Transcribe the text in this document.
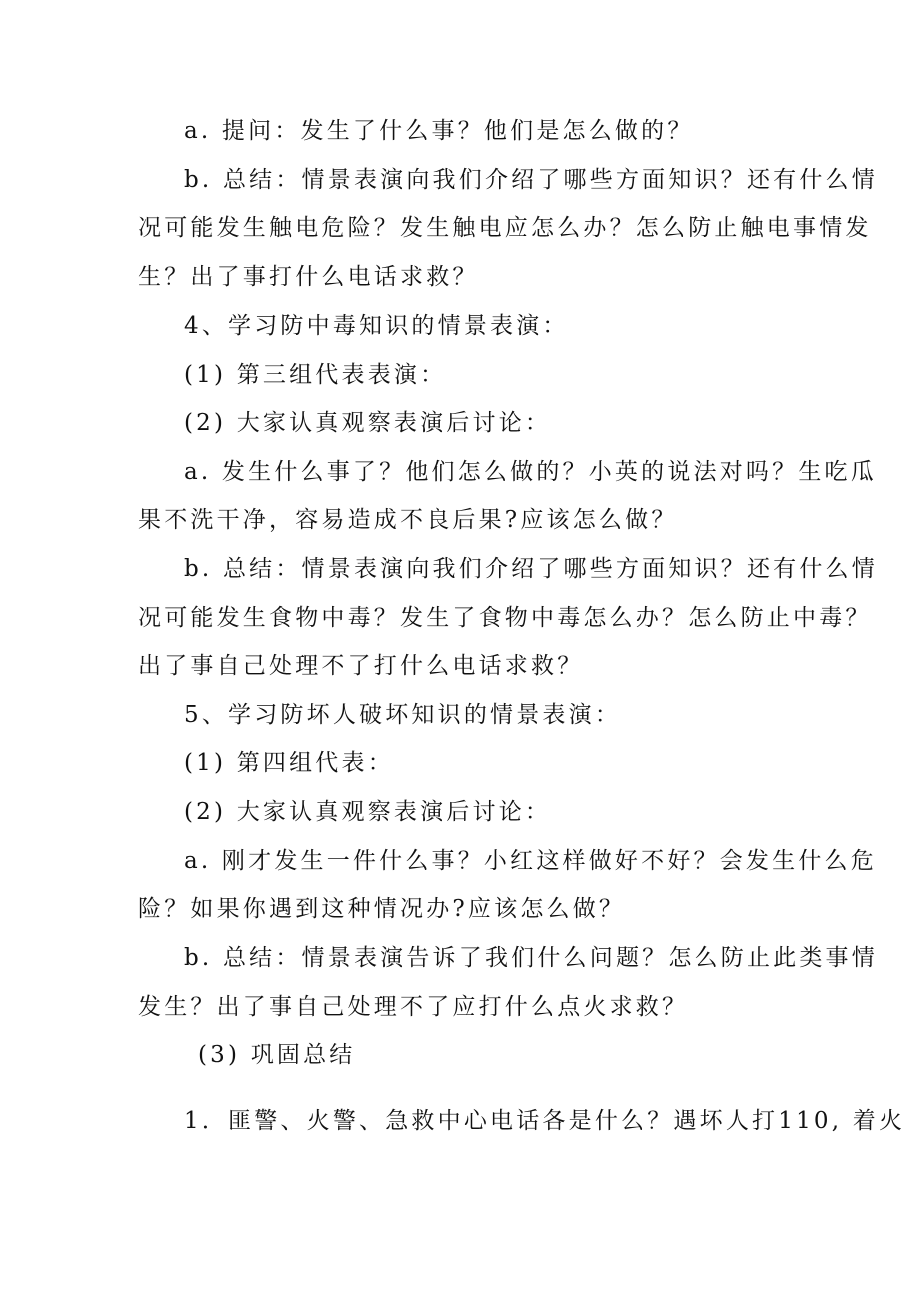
a. 提问：发生了什么事？他们是怎么做的？
b. 总结：情景表演向我们介绍了哪些方面知识？还有什么情
况可能发生触电危险？发生触电应怎么办？怎么防止触电事情发
生？出了事打什么电话求救？
4、学习防中毒知识的情景表演：
(1) 第三组代表表演：
(2) 大家认真观察表演后讨论：
a. 发生什么事了？他们怎么做的？小英的说法对吗？生吃瓜
果不洗干净，容易造成不良后果?应该怎么做？
b. 总结：情景表演向我们介绍了哪些方面知识？还有什么情
况可能发生食物中毒？发生了食物中毒怎么办？怎么防止中毒？
出了事自己处理不了打什么电话求救？
5、学习防坏人破坏知识的情景表演：
(1) 第四组代表：
(2) 大家认真观察表演后讨论：
a. 刚才发生一件什么事？小红这样做好不好？会发生什么危
险？如果你遇到这种情况办?应该怎么做？
b. 总结：情景表演告诉了我们什么问题？怎么防止此类事情
发生？出了事自己处理不了应打什么点火求救？
(3) 巩固总结
1．匪警、火警、急救中心电话各是什么？遇坏人打110, 着火
